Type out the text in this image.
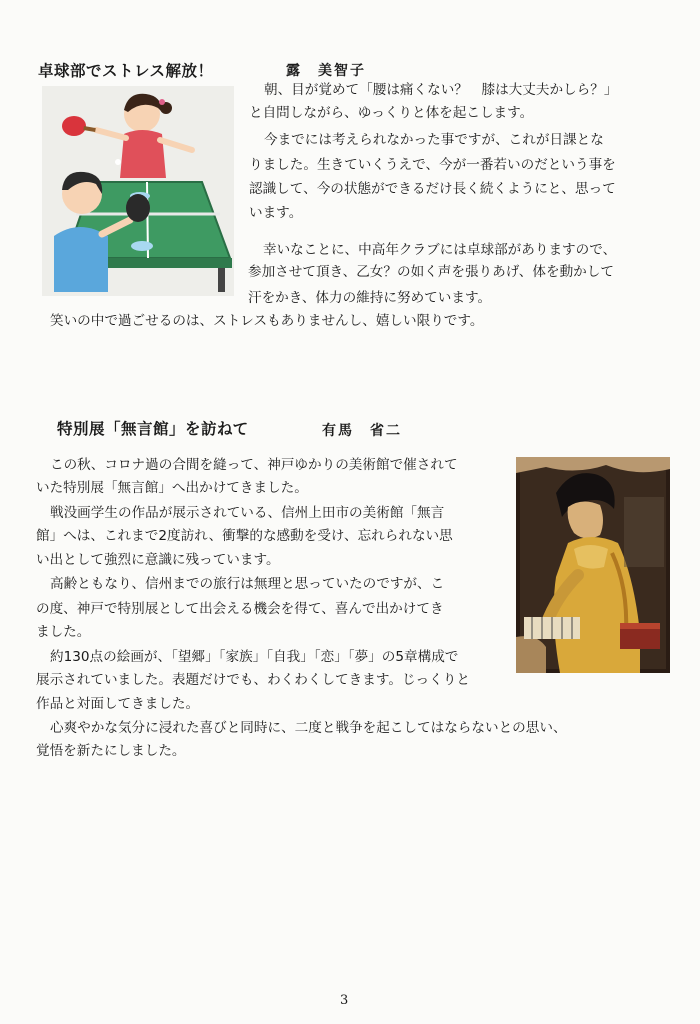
卓球部でストレス解放！	露　美智子
朝、目が覚めて「腰は痛くない？　膝は大丈夫かしら？」
と自問しながら、ゆっくりと体を起こします。
今までには考えられなかった事ですが、これが日課とな
りました。生きていくうえで、今が一番若いのだという事を
認識して、今の状態ができるだけ長く続くようにと、思って
います。
幸いなことに、中高年クラブには卓球部がありますので、
参加させて頂き、乙女？の如く声を張りあげ、体を動かして
汗をかき、体力の維持に努めています。
笑いの中で過ごせるのは、ストレスもありませんし、嬉しい限りです。
特別展「無言館」を訪ねて	有馬　省二
この秋、コロナ過の合間を縫って、神戸ゆかりの美術館で催されて
いた特別展「無言館」へ出かけてきました。
戦没画学生の作品が展示されている、信州上田市の美術館「無言
館」へは、これまで2度訪れ、衝撃的な感動を受け、忘れられない思
い出として強烈に意識に残っています。
高齢ともなり、信州までの旅行は無理と思っていたのですが、こ
の度、神戸で特別展として出会える機会を得て、喜んで出かけてき
ました。
約130点の絵画が、「望郷」「家族」「自我」「恋」「夢」の5章構成で
展示されていました。表題だけでも、わくわくしてきます。じっくりと
作品と対面してきました。
心爽やかな気分に浸れた喜びと同時に、二度と戦争を起こしてはならないとの思い、
覚悟を新たにしました。
3
